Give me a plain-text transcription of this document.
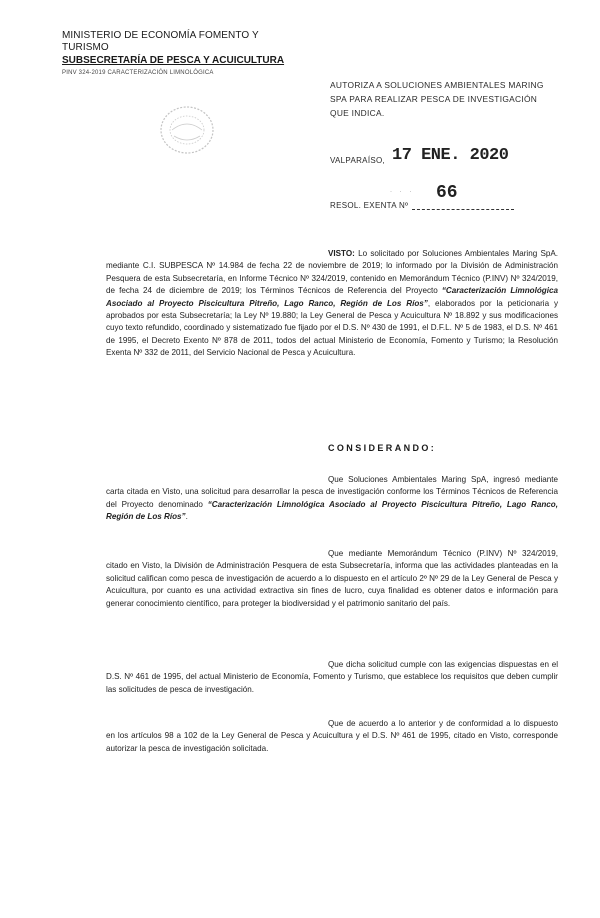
MINISTERIO DE ECONOMÍA FOMENTO Y TURISMO
SUBSECRETARÍA DE PESCA Y ACUICULTURA
PINV 324-2019 CARACTERIZACIÓN LIMNOLÓGICA
AUTORIZA A SOLUCIONES AMBIENTALES MARING SPA PARA REALIZAR PESCA DE INVESTIGACIÓN QUE INDICA.
VALPARAÍSO, 17 ENE. 2020
RESOL. EXENTA Nº
· · · 66
VISTO: Lo solicitado por Soluciones Ambientales Maring SpA. mediante C.I. SUBPESCA Nº 14.984 de fecha 22 de noviembre de 2019; lo informado por la División de Administración Pesquera de esta Subsecretaría, en Informe Técnico Nº 324/2019, contenido en Memorándum Técnico (P.INV) Nº 324/2019, de fecha 24 de diciembre de 2019; los Términos Técnicos de Referencia del Proyecto “Caracterización Limnológica Asociado al Proyecto Piscicultura Pitreño, Lago Ranco, Región de Los Ríos”, elaborados por la peticionaria y aprobados por esta Subsecretaría; la Ley Nº 19.880; la Ley General de Pesca y Acuicultura Nº 18.892 y sus modificaciones cuyo texto refundido, coordinado y sistematizado fue fijado por el D.S. Nº 430 de 1991, el D.F.L. Nº 5 de 1983, el D.S. Nº 461 de 1995, el Decreto Exento Nº 878 de 2011, todos del actual Ministerio de Economía, Fomento y Turismo; la Resolución Exenta Nº 332 de 2011, del Servicio Nacional de Pesca y Acuicultura.
CONSIDERANDO:
Que Soluciones Ambientales Maring SpA, ingresó mediante carta citada en Visto, una solicitud para desarrollar la pesca de investigación conforme los Términos Técnicos de Referencia del Proyecto denominado “Caracterización Limnológica Asociado al Proyecto Piscicultura Pitreño, Lago Ranco, Región de Los Ríos”.
Que mediante Memorándum Técnico (P.INV) Nº 324/2019, citado en Visto, la División de Administración Pesquera de esta Subsecretaría, informa que las actividades planteadas en la solicitud califican como pesca de investigación de acuerdo a lo dispuesto en el artículo 2º Nº 29 de la Ley General de Pesca y Acuicultura, por cuanto es una actividad extractiva sin fines de lucro, cuya finalidad es obtener datos e información para generar conocimiento científico, para proteger la biodiversidad y el patrimonio sanitario del país.
Que dicha solicitud cumple con las exigencias dispuestas en el D.S. Nº 461 de 1995, del actual Ministerio de Economía, Fomento y Turismo, que establece los requisitos que deben cumplir las solicitudes de pesca de investigación.
Que de acuerdo a lo anterior y de conformidad a lo dispuesto en los artículos 98 a 102 de la Ley General de Pesca y Acuicultura y el D.S. Nº 461 de 1995, citado en Visto, corresponde autorizar la pesca de investigación solicitada.
